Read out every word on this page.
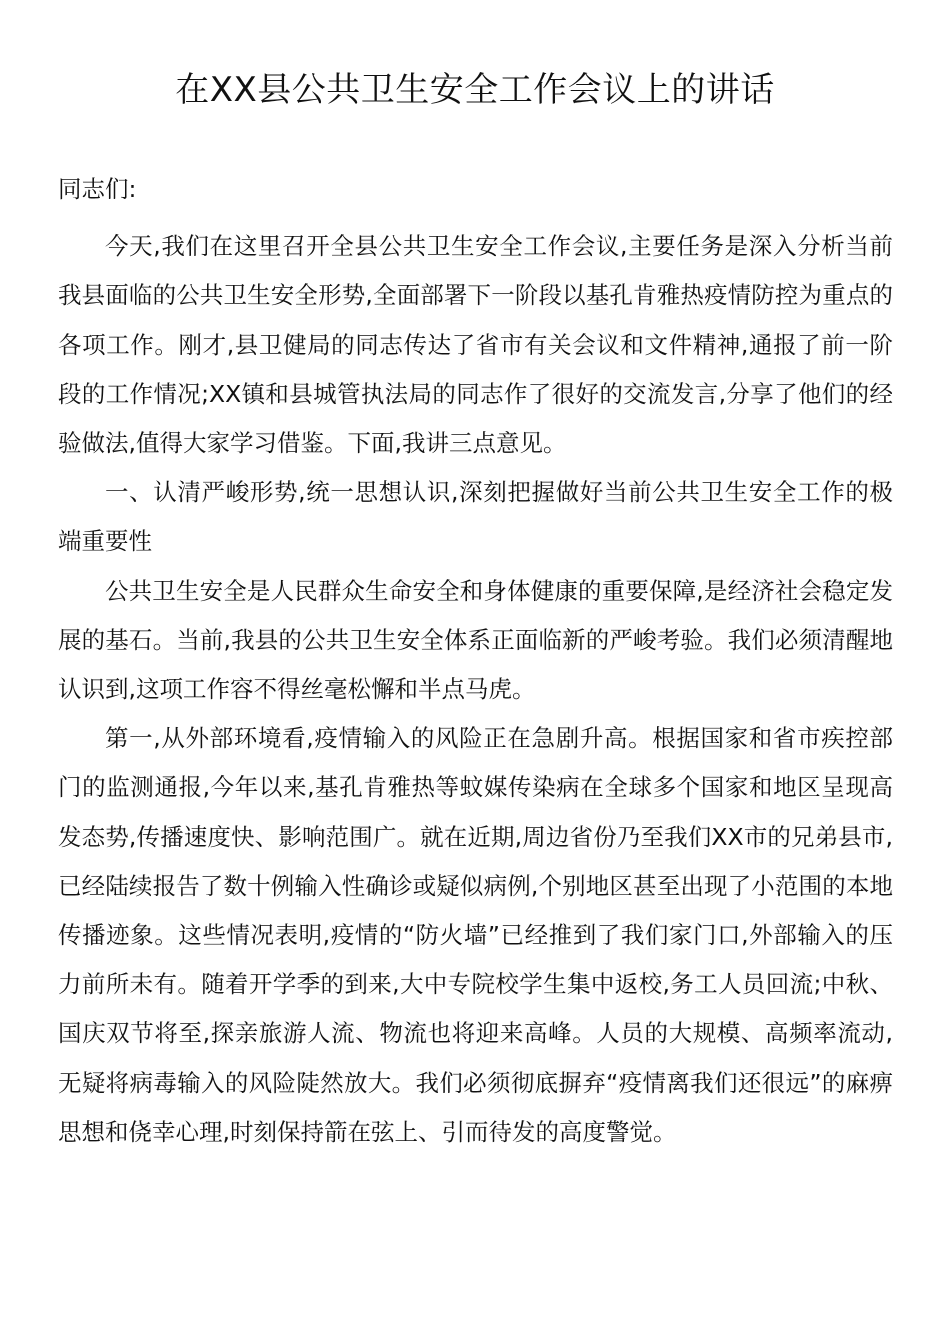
在XX县公共卫生安全工作会议上的讲话

同志们:

今天,我们在这里召开全县公共卫生安全工作会议,主要任务是深入分析当前我县面临的公共卫生安全形势,全面部署下一阶段以基孔肯雅热疫情防控为重点的各项工作。刚才,县卫健局的同志传达了省市有关会议和文件精神,通报了前一阶段的工作情况;XX镇和县城管执法局的同志作了很好的交流发言,分享了他们的经验做法,值得大家学习借鉴。下面,我讲三点意见。

一、认清严峻形势,统一思想认识,深刻把握做好当前公共卫生安全工作的极端重要性

公共卫生安全是人民群众生命安全和身体健康的重要保障,是经济社会稳定发展的基石。当前,我县的公共卫生安全体系正面临新的严峻考验。我们必须清醒地认识到,这项工作容不得丝毫松懈和半点马虎。

第一,从外部环境看,疫情输入的风险正在急剧升高。根据国家和省市疾控部门的监测通报,今年以来,基孔肯雅热等蚊媒传染病在全球多个国家和地区呈现高发态势,传播速度快、影响范围广。就在近期,周边省份乃至我们XX市的兄弟县市,已经陆续报告了数十例输入性确诊或疑似病例,个别地区甚至出现了小范围的本地传播迹象。这些情况表明,疫情的“防火墙”已经推到了我们家门口,外部输入的压力前所未有。随着开学季的到来,大中专院校学生集中返校,务工人员回流;中秋、国庆双节将至,探亲旅游人流、物流也将迎来高峰。人员的大规模、高频率流动,无疑将病毒输入的风险陡然放大。我们必须彻底摒弃“疫情离我们还很远”的麻痹思想和侥幸心理,时刻保持箭在弦上、引而待发的高度警觉。
